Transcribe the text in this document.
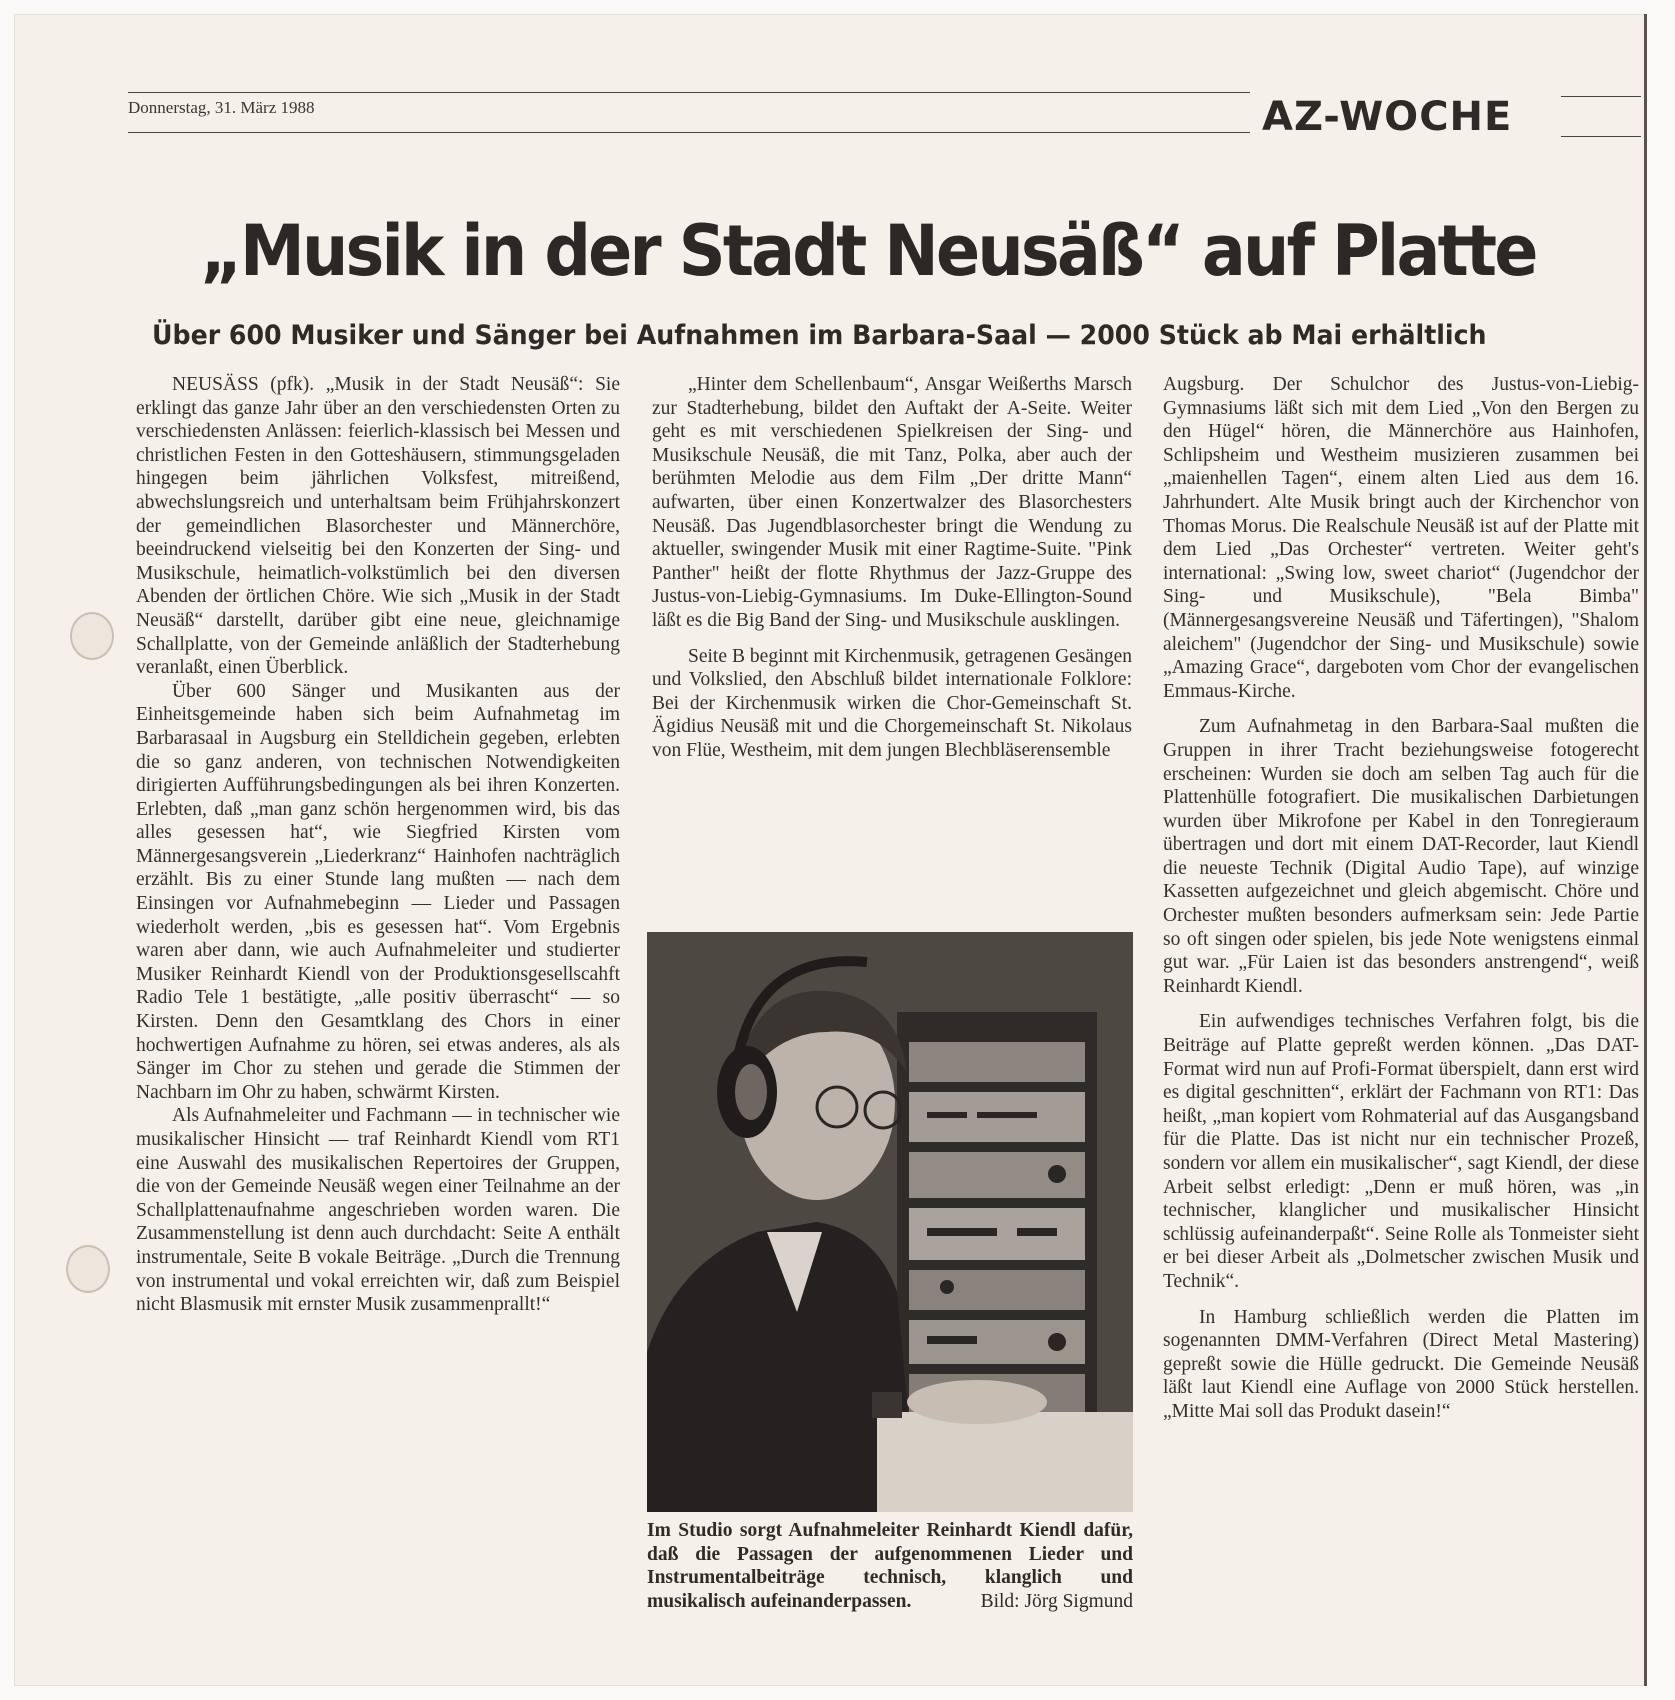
Donnerstag, 31. März 1988	AZ-WOCHE
„Musik in der Stadt Neusäß“ auf Platte
Über 600 Musiker und Sänger bei Aufnahmen im Barbara-Saal — 2000 Stück ab Mai erhältlich

NEUSÄSS (pfk). „Musik in der Stadt Neusäß“: Sie erklingt das ganze Jahr über an den verschiedensten Orten zu verschiedensten Anlässen: feierlich-klassisch bei Messen und christlichen Festen in den Gotteshäusern, stimmungsgeladen hingegen beim jährlichen Volksfest, mitreißend, abwechslungsreich und unterhaltsam beim Frühjahrskonzert der gemeindlichen Blasorchester und Männerchöre, beeindruckend vielseitig bei den Konzerten der Sing- und Musikschule, heimatlich-volkstümlich bei den diversen Abenden der örtlichen Chöre. Wie sich „Musik in der Stadt Neusäß“ darstellt, darüber gibt eine neue, gleichnamige Schallplatte, von der Gemeinde anläßlich der Stadterhebung veranlaßt, einen Überblick.

Über 600 Sänger und Musikanten aus der Einheitsgemeinde haben sich beim Aufnahmetag im Barbarasaal in Augsburg ein Stelldichein gegeben, erlebten die so ganz anderen, von technischen Notwendigkeiten dirigierten Aufführungsbedingungen als bei ihren Konzerten. Erlebten, daß „man ganz schön hergenommen wird, bis das alles gesessen hat“, wie Siegfried Kirsten vom Männergesangsverein „Liederkranz“ Hainhofen nachträglich erzählt. Bis zu einer Stunde lang mußten — nach dem Einsingen vor Aufnahmebeginn — Lieder und Passagen wiederholt werden, „bis es gesessen hat“. Vom Ergebnis waren aber dann, wie auch Aufnahmeleiter und studierter Musiker Reinhardt Kiendl von der Produktionsgesellscahft Radio Tele 1 bestätigte, „alle positiv überrascht“ — so Kirsten. Denn den Gesamtklang des Chors in einer hochwertigen Aufnahme zu hören, sei etwas anderes, als als Sänger im Chor zu stehen und gerade die Stimmen der Nachbarn im Ohr zu haben, schwärmt Kirsten.

Als Aufnahmeleiter und Fachmann — in technischer wie musikalischer Hinsicht — traf Reinhardt Kiendl vom RT1 eine Auswahl des musikalischen Repertoires der Gruppen, die von der Gemeinde Neusäß wegen einer Teilnahme an der Schallplattenaufnahme angeschrieben worden waren. Die Zusammenstellung ist denn auch durchdacht: Seite A enthält instrumentale, Seite B vokale Beiträge. „Durch die Trennung von instrumental und vokal erreichten wir, daß zum Beispiel nicht Blasmusik mit ernster Musik zusammenprallt!“

„Hinter dem Schellenbaum“, Ansgar Weißerths Marsch zur Stadterhebung, bildet den Auftakt der A-Seite. Weiter geht es mit verschiedenen Spielkreisen der Sing- und Musikschule Neusäß, die mit Tanz, Polka, aber auch der berühmten Melodie aus dem Film „Der dritte Mann“ aufwarten, über einen Konzertwalzer des Blasorchesters Neusäß. Das Jugendblasorchester bringt die Wendung zu aktueller, swingender Musik mit einer Ragtime-Suite. "Pink Panther" heißt der flotte Rhythmus der Jazz-Gruppe des Justus-von-Liebig-Gymnasiums. Im Duke-Ellington-Sound läßt es die Big Band der Sing- und Musikschule ausklingen.

Seite B beginnt mit Kirchenmusik, getragenen Gesängen und Volkslied, den Abschluß bildet internationale Folklore: Bei der Kirchenmusik wirken die Chor-Gemeinschaft St. Ägidius Neusäß mit und die Chorgemeinschaft St. Nikolaus von Flüe, Westheim, mit dem jungen Blechbläserensemble

Im Studio sorgt Aufnahmeleiter Reinhardt Kiendl dafür, daß die Passagen der aufgenommenen Lieder und Instrumentalbeiträge technisch, klanglich und musikalisch aufeinanderpassen.	Bild: Jörg Sigmund

Augsburg. Der Schulchor des Justus-von-Liebig-Gymnasiums läßt sich mit dem Lied „Von den Bergen zu den Hügel“ hören, die Männerchöre aus Hainhofen, Schlipsheim und Westheim musizieren zusammen bei „maienhellen Tagen“, einem alten Lied aus dem 16. Jahrhundert. Alte Musik bringt auch der Kirchenchor von Thomas Morus. Die Realschule Neusäß ist auf der Platte mit dem Lied „Das Orchester“ vertreten. Weiter geht's international: „Swing low, sweet chariot“ (Jugendchor der Sing- und Musikschule), "Bela Bimba" (Männergesangsvereine Neusäß und Täfertingen), "Shalom aleichem" (Jugendchor der Sing- und Musikschule) sowie „Amazing Grace“, dargeboten vom Chor der evangelischen Emmaus-Kirche.

Zum Aufnahmetag in den Barbara-Saal mußten die Gruppen in ihrer Tracht beziehungsweise fotogerecht erscheinen: Wurden sie doch am selben Tag auch für die Plattenhülle fotografiert. Die musikalischen Darbietungen wurden über Mikrofone per Kabel in den Tonregieraum übertragen und dort mit einem DAT-Recorder, laut Kiendl die neueste Technik (Digital Audio Tape), auf winzige Kassetten aufgezeichnet und gleich abgemischt. Chöre und Orchester mußten besonders aufmerksam sein: Jede Partie so oft singen oder spielen, bis jede Note wenigstens einmal gut war. „Für Laien ist das besonders anstrengend“, weiß Reinhardt Kiendl.

Ein aufwendiges technisches Verfahren folgt, bis die Beiträge auf Platte gepreßt werden können. „Das DAT-Format wird nun auf Profi-Format überspielt, dann erst wird es digital geschnitten“, erklärt der Fachmann von RT1: Das heißt, „man kopiert vom Rohmaterial auf das Ausgangsband für die Platte. Das ist nicht nur ein technischer Prozeß, sondern vor allem ein musikalischer“, sagt Kiendl, der diese Arbeit selbst erledigt: „Denn er muß hören, was „in technischer, klanglicher und musikalischer Hinsicht schlüssig aufeinanderpaßt“. Seine Rolle als Tonmeister sieht er bei dieser Arbeit als „Dolmetscher zwischen Musik und Technik“.

In Hamburg schließlich werden die Platten im sogenannten DMM-Verfahren (Direct Metal Mastering) gepreßt sowie die Hülle gedruckt. Die Gemeinde Neusäß läßt laut Kiendl eine Auflage von 2000 Stück herstellen. „Mitte Mai soll das Produkt dasein!“
